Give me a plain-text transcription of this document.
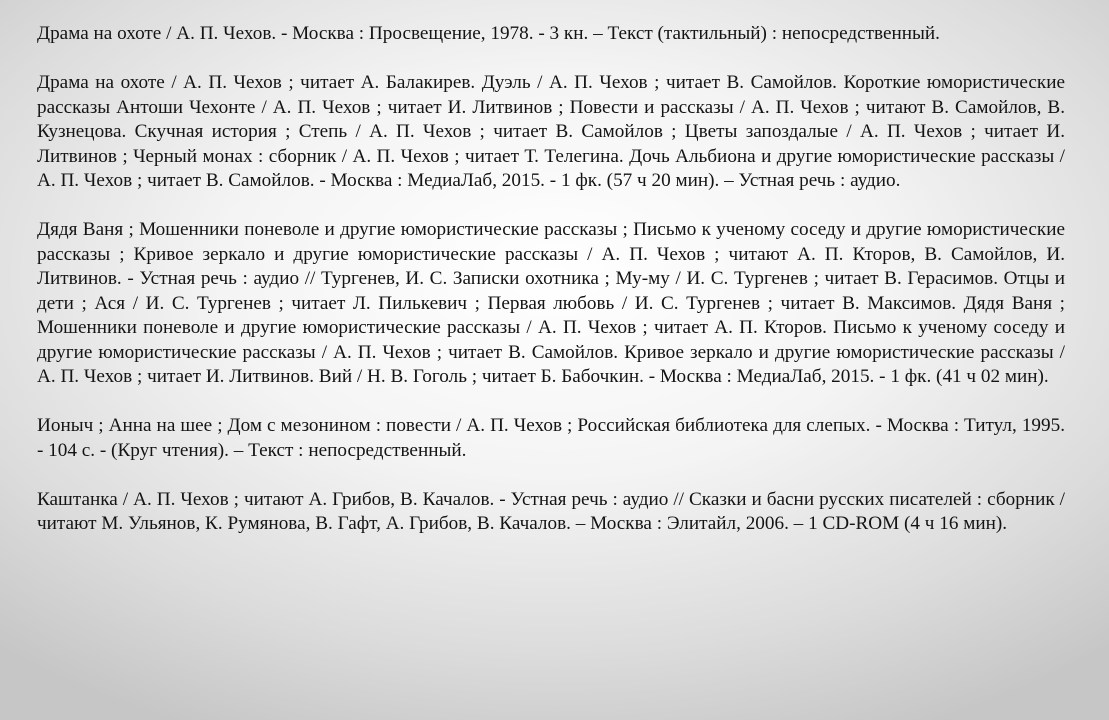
Драма на охоте / А. П. Чехов. - Москва : Просвещение, 1978. - 3 кн. – Текст (тактильный) : непосредственный.

Драма на охоте / А. П. Чехов ; читает А. Балакирев. Дуэль / А. П. Чехов ; читает В. Самойлов. Короткие юмористические рассказы Антоши Чехонте / А. П. Чехов ; читает И. Литвинов ; Повести и рассказы / А. П. Чехов ; читают В. Самойлов, В. Кузнецова. Скучная история ; Степь / А. П. Чехов ; читает В. Самойлов ; Цветы запоздалые / А. П. Чехов ; читает И. Литвинов ; Черный монах : сборник / А. П. Чехов ; читает Т. Телегина. Дочь Альбиона и другие юмористические рассказы / А. П. Чехов ; читает В. Самойлов. - Москва : МедиаЛаб, 2015. - 1 фк. (57 ч 20 мин). – Устная речь : аудио.

Дядя Ваня ; Мошенники поневоле и другие юмористические рассказы ; Письмо к ученому соседу и другие юмористические рассказы ; Кривое зеркало и другие юмористические рассказы / А. П. Чехов ; читают А. П. Кторов, В. Самойлов, И. Литвинов. - Устная речь : аудио // Тургенев, И. С. Записки охотника ; Му-му / И. С. Тургенев ; читает В. Герасимов. Отцы и дети ; Ася / И. С. Тургенев ; читает Л. Пилькевич ; Первая любовь / И. С. Тургенев ; читает В. Максимов. Дядя Ваня ; Мошенники поневоле и другие юмористические рассказы / А. П. Чехов ; читает А. П. Кторов. Письмо к ученому соседу и другие юмористические рассказы / А. П. Чехов ; читает В. Самойлов. Кривое зеркало и другие юмористические рассказы / А. П. Чехов ; читает И. Литвинов. Вий / Н. В. Гоголь ; читает Б. Бабочкин. - Москва : МедиаЛаб, 2015. - 1 фк. (41 ч 02 мин).

Ионыч ; Анна на шее ; Дом с мезонином : повести / А. П. Чехов ; Российская библиотека для слепых. - Москва : Титул, 1995. - 104 с. - (Круг чтения). – Текст : непосредственный.

Каштанка / А. П. Чехов ; читают А. Грибов, В. Качалов. - Устная речь : аудио // Сказки и басни русских писателей : сборник / читают М. Ульянов, К. Румянова, В. Гафт, А. Грибов, В. Качалов. – Москва : Элитайл, 2006. – 1 CD-ROM (4 ч 16 мин).
